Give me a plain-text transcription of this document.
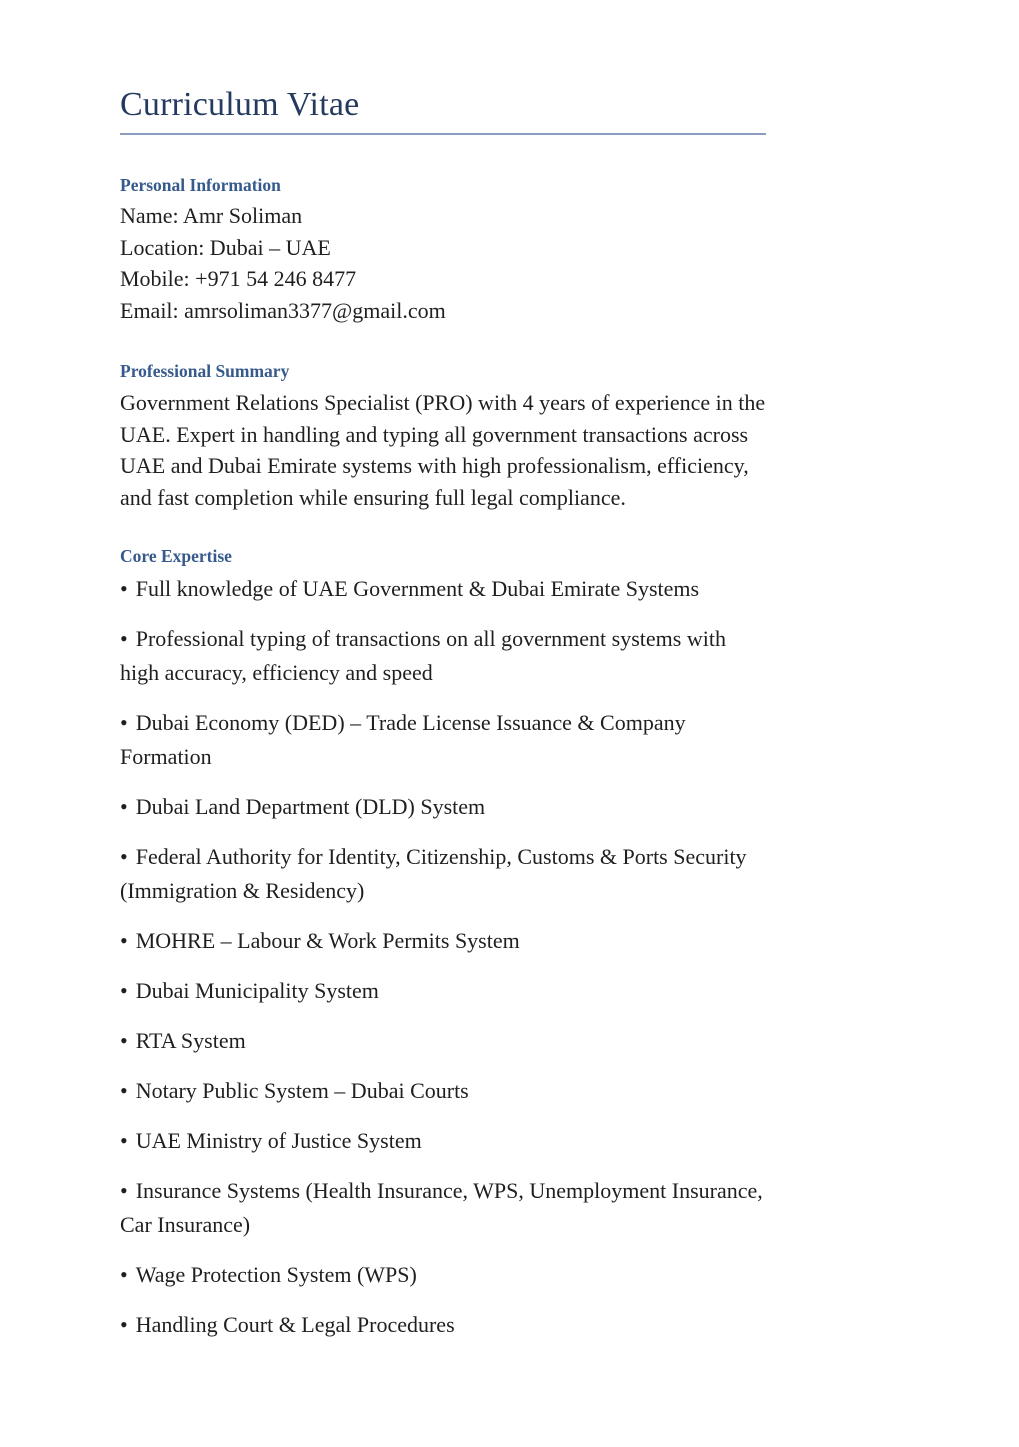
Curriculum Vitae
Personal Information

Name: Amr Soliman

Location: Dubai – UAE

Mobile: +971 54 246 8477

Email: amrsoliman3377@gmail.com

Professional Summary

Government Relations Specialist (PRO) with 4 years of experience in the UAE. Expert in handling and typing all government transactions across UAE and Dubai Emirate systems with high professionalism, efficiency, and fast completion while ensuring full legal compliance.

Core Expertise

• Full knowledge of UAE Government & Dubai Emirate Systems

• Professional typing of transactions on all government systems with high accuracy, efficiency and speed

• Dubai Economy (DED) – Trade License Issuance & Company Formation

• Dubai Land Department (DLD) System

• Federal Authority for Identity, Citizenship, Customs & Ports Security (Immigration & Residency)

• MOHRE – Labour & Work Permits System

• Dubai Municipality System

• RTA System

• Notary Public System – Dubai Courts

• UAE Ministry of Justice System

• Insurance Systems (Health Insurance, WPS, Unemployment Insurance, Car Insurance)

• Wage Protection System (WPS)

• Handling Court & Legal Procedures
